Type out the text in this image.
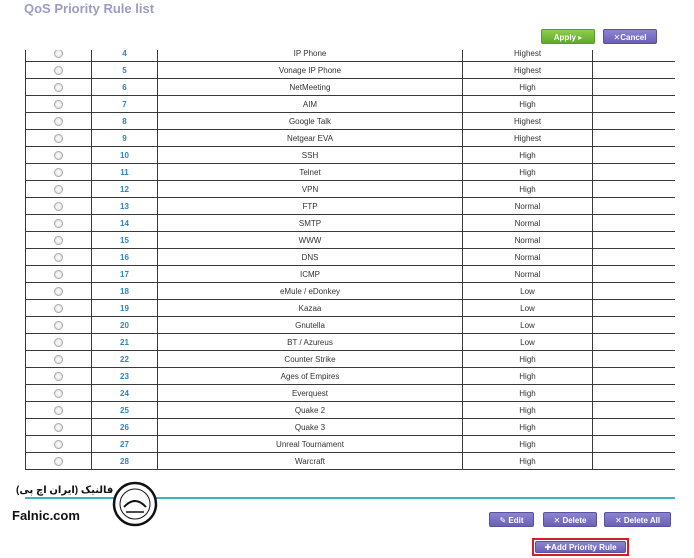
QoS Priority Rule list
Apply ▸	✕Cancel
	4	IP Phone	Highest	
	5	Vonage IP Phone	Highest	
	6	NetMeeting	High	
	7	AIM	High	
	8	Google Talk	Highest	
	9	Netgear EVA	Highest	
	10	SSH	High	
	11	Telnet	High	
	12	VPN	High	
	13	FTP	Normal	
	14	SMTP	Normal	
	15	WWW	Normal	
	16	DNS	Normal	
	17	ICMP	Normal	
	18	eMule / eDonkey	Low	
	19	Kazaa	Low	
	20	Gnutella	Low	
	21	BT / Azureus	Low	
	22	Counter Strike	High	
	23	Ages of Empires	High	
	24	Everquest	High	
	25	Quake 2	High	
	26	Quake 3	High	
	27	Unreal Tournament	High	
	28	Warcraft	High	
فالنیک (ایران اچ پی)
Falnic.com	✎ Edit	✕ Delete	✕ Delete All
✚Add Priority Rule
